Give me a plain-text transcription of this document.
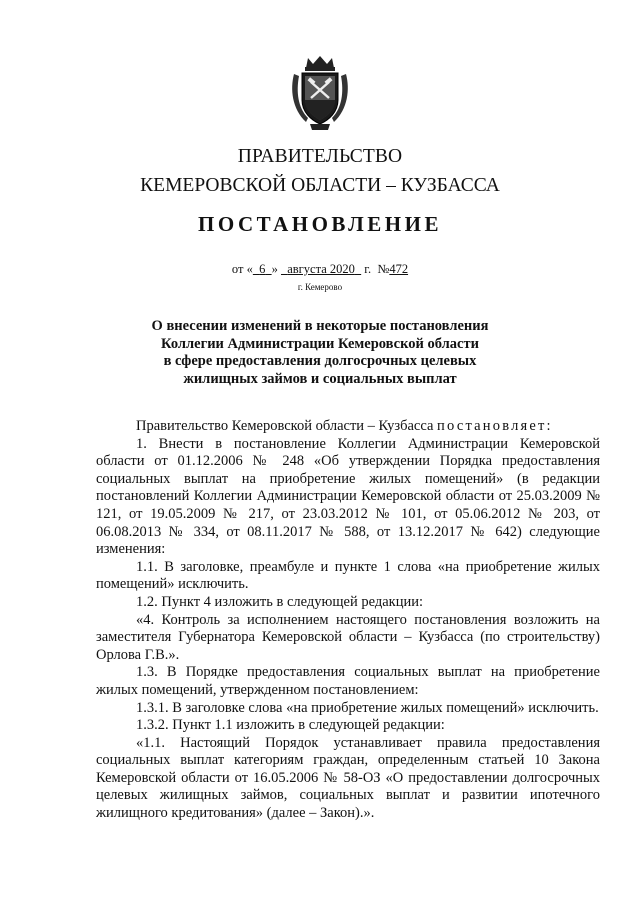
ПРАВИТЕЛЬСТВО
КЕМЕРОВСКОЙ ОБЛАСТИ – КУЗБАССА
ПОСТАНОВЛЕНИЕ
от « 6 » августа 2020 г. №472
г. Кемерово
О внесении изменений в некоторые постановления
Коллегии Администрации Кемеровской области
в сфере предоставления долгосрочных целевых
жилищных займов и социальных выплат

Правительство Кемеровской области – Кузбасса постановляет:

1. Внести в постановление Коллегии Администрации Кемеровской области от 01.12.2006 № 248 «Об утверждении Порядка предоставления социальных выплат на приобретение жилых помещений» (в редакции постановлений Коллегии Администрации Кемеровской области от 25.03.2009 № 121, от 19.05.2009 № 217, от 23.03.2012 № 101, от 05.06.2012 № 203, от 06.08.2013 № 334, от 08.11.2017 № 588, от 13.12.2017 № 642) следующие изменения:

1.1. В заголовке, преамбуле и пункте 1 слова «на приобретение жилых помещений» исключить.

1.2. Пункт 4 изложить в следующей редакции:

«4. Контроль за исполнением настоящего постановления возложить на заместителя Губернатора Кемеровской области – Кузбасса (по строительству) Орлова Г.В.».

1.3. В Порядке предоставления социальных выплат на приобретение жилых помещений, утвержденном постановлением:

1.3.1. В заголовке слова «на приобретение жилых помещений» исключить.

1.3.2. Пункт 1.1 изложить в следующей редакции:

«1.1. Настоящий Порядок устанавливает правила предоставления социальных выплат категориям граждан, определенным статьей 10 Закона Кемеровской области от 16.05.2006 № 58-ОЗ «О предоставлении долгосрочных целевых жилищных займов, социальных выплат и развитии ипотечного жилищного кредитования» (далее – Закон).».
